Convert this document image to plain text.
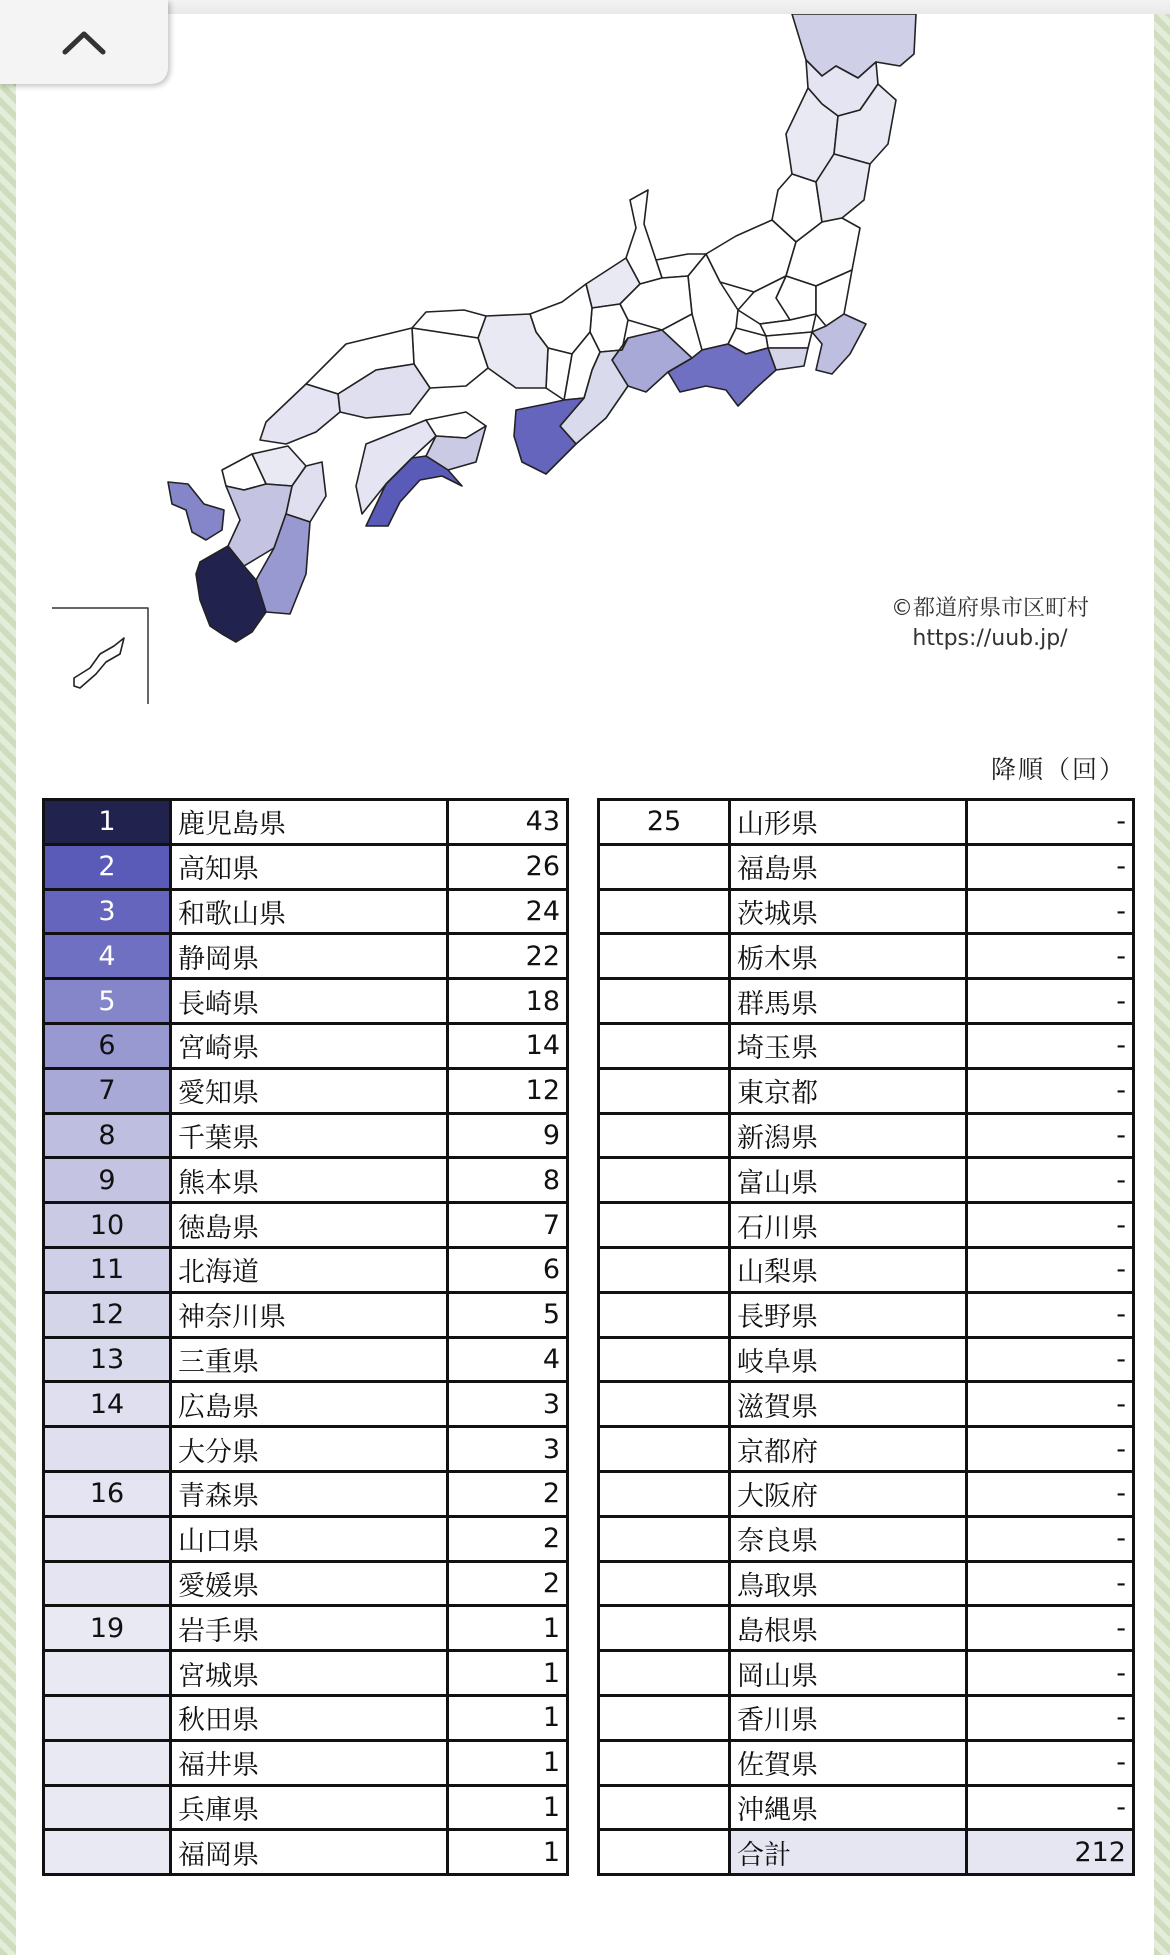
©都道府県市区町村
https://uub.jp/
降順（回）
1	鹿児島県	43
2	高知県	26
3	和歌山県	24
4	静岡県	22
5	長崎県	18
6	宮崎県	14
7	愛知県	12
8	千葉県	9
9	熊本県	8
10	徳島県	7
11	北海道	6
12	神奈川県	5
13	三重県	4
14	広島県	3
	大分県	3
16	青森県	2
	山口県	2
	愛媛県	2
19	岩手県	1
	宮城県	1
	秋田県	1
	福井県	1
	兵庫県	1
	福岡県	1
25	山形県	-
	福島県	-
	茨城県	-
	栃木県	-
	群馬県	-
	埼玉県	-
	東京都	-
	新潟県	-
	富山県	-
	石川県	-
	山梨県	-
	長野県	-
	岐阜県	-
	滋賀県	-
	京都府	-
	大阪府	-
	奈良県	-
	鳥取県	-
	島根県	-
	岡山県	-
	香川県	-
	佐賀県	-
	沖縄県	-
	合計	212
